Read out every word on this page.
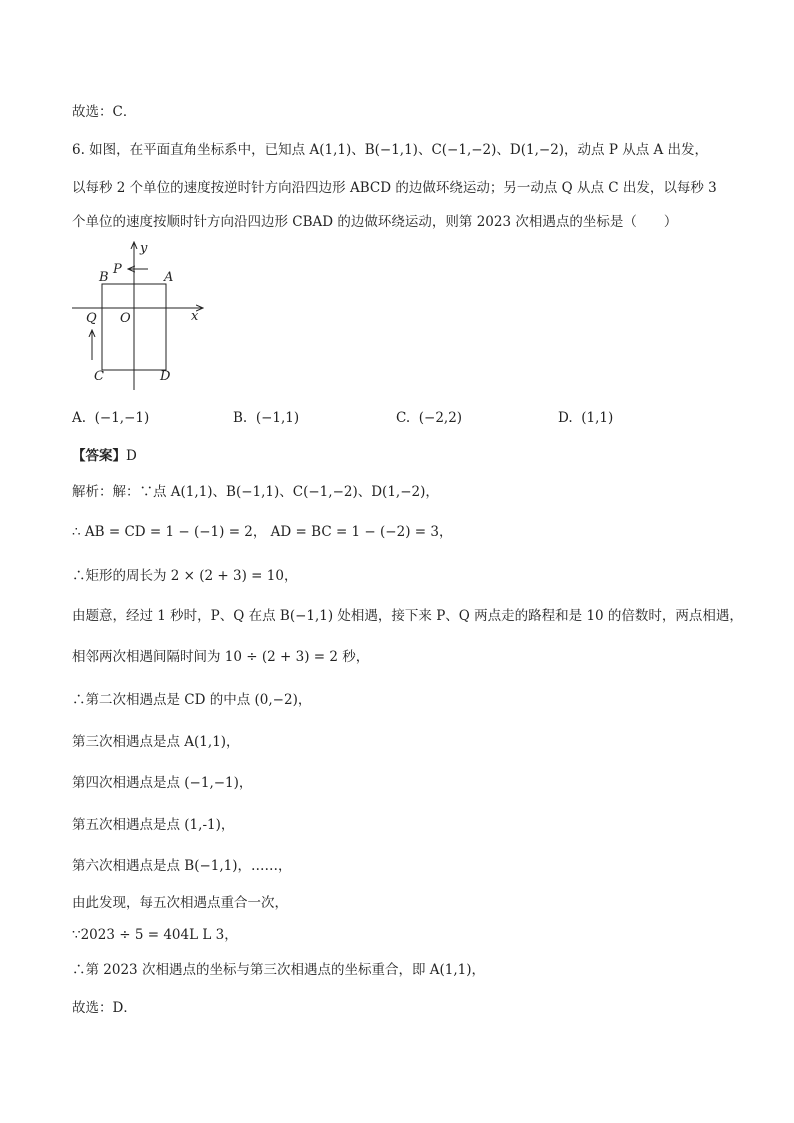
故选：C．
6. 如图，在平面直角坐标系中，已知点 A(1,1)、B(−1,1)、C(−1,−2)、D(1,−2)，动点 P 从点 A 出发，
以每秒 2 个单位的速度按逆时针方向沿四边形 ABCD 的边做环绕运动；另一动点 Q 从点 C 出发，以每秒 3
个单位的速度按顺时针方向沿四边形 CBAD 的边做环绕运动，则第 2023 次相遇点的坐标是（　　）
y
x
P
A
B
Q O
C	D
A. (−1,−1)	B. (−1,1)	C. (−2,2)	D. (1,1)
【答案】D
解析：解：∵点 A(1,1)、B(−1,1)、C(−1,−2)、D(1,−2)，
∴ AB = CD = 1 − (−1) = 2， AD = BC = 1 − (−2) = 3，
∴矩形的周长为 2 × (2 + 3) = 10，
由题意，经过 1 秒时，P、Q 在点 B(−1,1) 处相遇，接下来 P、Q 两点走的路程和是 10 的倍数时，两点相遇，
相邻两次相遇间隔时间为 10 ÷ (2 + 3) = 2 秒，
∴第二次相遇点是 CD 的中点 (0,−2)，
第三次相遇点是点 A(1,1)，
第四次相遇点是点 (−1,−1)，
第五次相遇点是点 (1,-1)，
第六次相遇点是点 B(−1,1)，……，
由此发现，每五次相遇点重合一次，
∵2023 ÷ 5 = 404L L 3，
∴第 2023 次相遇点的坐标与第三次相遇点的坐标重合，即 A(1,1)，
故选：D．
